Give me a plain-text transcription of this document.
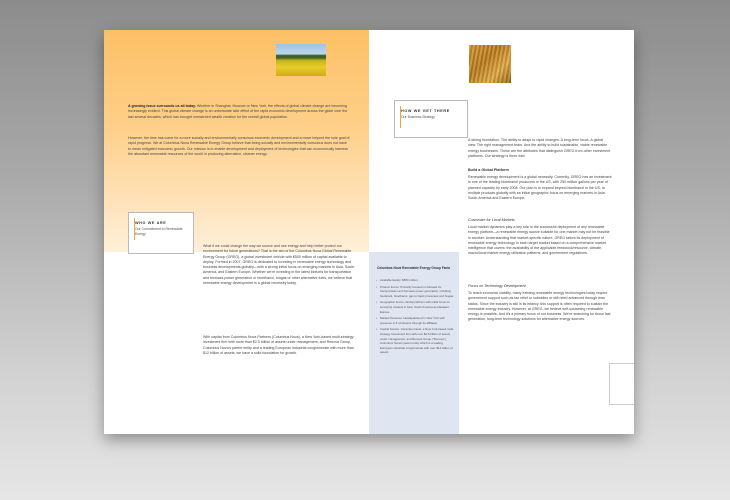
A growing issue surrounds us all today. Whether in Shanghai, Moscow or New York, the effects of global climate change are becoming increasingly evident. This global climate change is an unfortunate side effect of the rapid economic development across the globe over the last several decades, which has brought unmatched wealth creation for the overall global population.

However, the time has come for a more socially and environmentally conscious economic development and a move beyond the sole goal of rapid progress. We at Columbus Nova Renewable Energy Group believe that being socially and environmentally conscious does not have to mean mitigated economic growth. Our mission is to enable development and deployment of technologies that can economically harness the abundant renewable resources of the world in producing alternative, cleaner energy.

WHO WE ARE
Our Commitment to Renewable Energy

What if we could change the way we source and use energy and help better protect our environment for future generations? That is the aim of the Columbus Nova Global Renewable Energy Group (GREG), a global investment vehicle with $500 million of capital available to deploy. Formed in 2007, GREG is dedicated to investing in renewable energy technology and business developments globally—with a strong initial focus on emerging markets in Asia, South America, and Eastern Europe. Whether we're investing in the latest biofuels for transportation and biomass power generation or bioethanol, biogas or other alternative fuels, we believe that renewable energy development is a global necessity today.

With capital from Columbus Nova Partners (Columbus Nova), a New York-based multi-strategy investment firm with more than $2.5 billion of assets under management, and Renova Group, Columbus Nova's parent entity and a leading European industrial conglomerate with more than $12 billion of assets, we have a solid foundation for growth.

HOW WE GET THERE
Our Business Strategy

A strong foundation. The ability to adapt to rapid changes. A long-term focus. A global view. The right management team. And the ability to build sustainable, viable renewable energy businesses. These are the attributes that distinguish GREG from other investment platforms. Our strategy is three-fold:

Build a Global Platform

Renewable energy development is a global necessity. Currently, GREG has an investment in one of the leading bioethanol producers in the US, with 250 million gallons per year of planned capacity by early 2008. Our plan is to expand beyond bioethanol in the US, to multiple products globally with an initial geographic focus on emerging markets in Asia, South America and Eastern Europe.

Customize for Local Markets

Local market dynamics play a key role in the successful deployment of any renewable energy platform—a renewable energy source suitable for one market may not be feasible in another. Understanding that market-specific nature, GREG tailors its deployment of renewable energy technology in each target market based on a comprehensive market intelligence that covers: the availability of the applicable feedstock/resource, climate, macro/local market energy utilization patterns, and government regulations.

Focus on Technology Development

To reach economic viability, many existing renewable energy technologies today require government support such as tax relief or subsidies or still need advanced through lean status. Since the industry is still in its infancy, this support is often required to sustain the renewable energy industry. However, at GREG, we believe self-sustaining renewable energy is possible. And it's a primary focus of our business. We're searching for those last generation, long-term technology solutions for alternative energy sources.

Columbus Nova Renewable Energy Group Facts
• Available Equity: $500 million
• Product Focus: Primarily focused on biofuels for transportation and biomass power generation, including feedstock, bioethanol, gas to liquid processes and biogas
• Geographic Focus: Global platform with initial focus on emerging markets in Asia, South America and Eastern Europe
• Market Presence: Headquartered in New York with presence in 6 continents through its affiliates
• Capital Source: Columbus Nova, a New York-based multi-strategy investment firm with over $2.5 billion of assets under management, and Renova Group ("Renova"), Columbus Nova's parent entity which is a leading European industrial conglomerate with over $12 billion of assets
